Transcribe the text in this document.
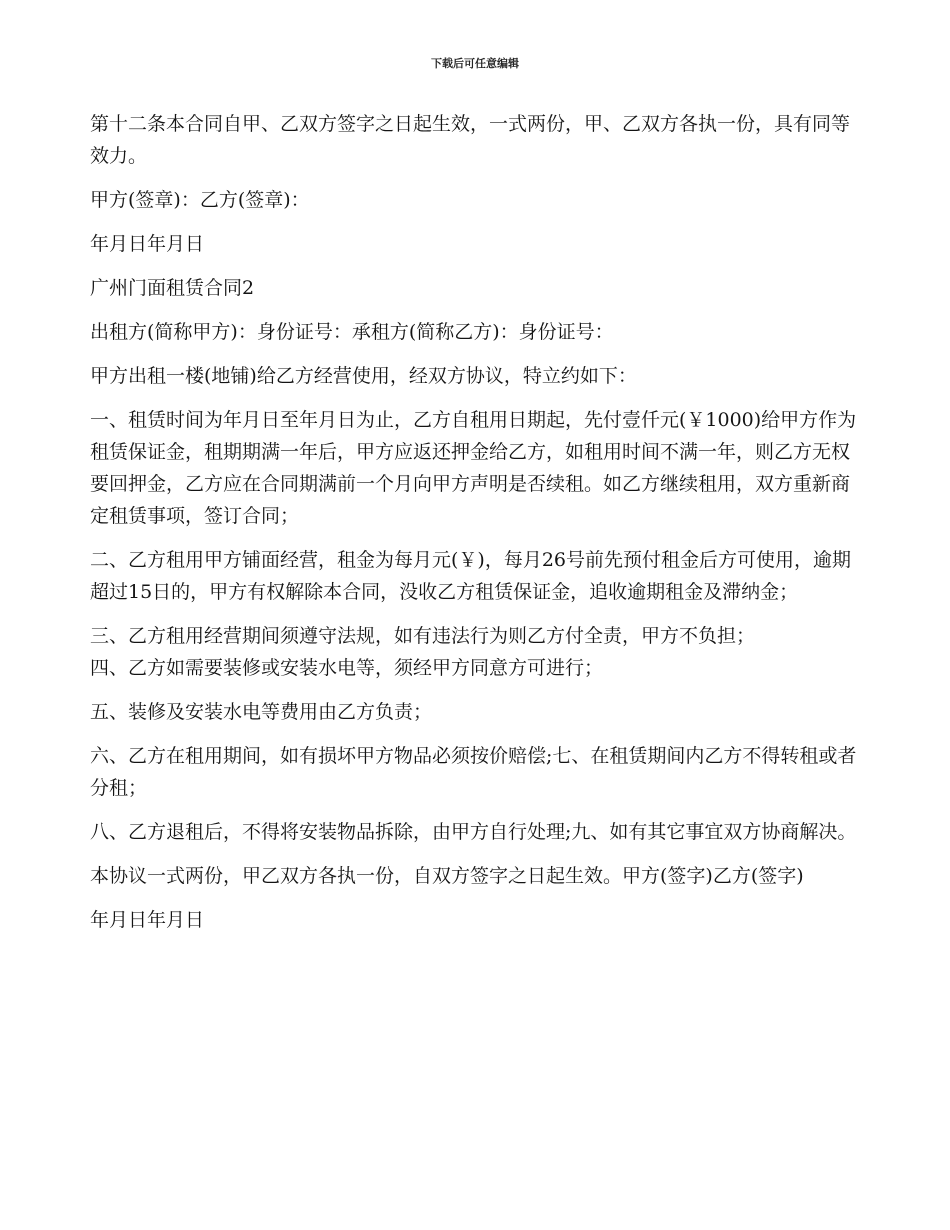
下载后可任意编辑

第十二条本合同自甲、乙双方签字之日起生效，一式两份，甲、乙双方各执一份，具有同等效力。

甲方(签章)：乙方(签章)：

年月日年月日

广州门面租赁合同2

出租方(简称甲方)：身份证号：承租方(简称乙方)：身份证号：

甲方出租一楼(地铺)给乙方经营使用，经双方协议，特立约如下：

一、租赁时间为年月日至年月日为止，乙方自租用日期起，先付壹仟元(￥1000)给甲方作为租赁保证金，租期期满一年后，甲方应返还押金给乙方，如租用时间不满一年，则乙方无权要回押金，乙方应在合同期满前一个月向甲方声明是否续租。如乙方继续租用，双方重新商定租赁事项，签订合同；

二、乙方租用甲方铺面经营，租金为每月元(￥)，每月26号前先预付租金后方可使用，逾期超过15日的，甲方有权解除本合同，没收乙方租赁保证金，追收逾期租金及滞纳金；

三、乙方租用经营期间须遵守法规，如有违法行为则乙方付全责，甲方不负担；

四、乙方如需要装修或安装水电等，须经甲方同意方可进行；

五、装修及安装水电等费用由乙方负责；

六、乙方在租用期间，如有损坏甲方物品必须按价赔偿;七、在租赁期间内乙方不得转租或者分租；

八、乙方退租后，不得将安装物品拆除，由甲方自行处理;九、如有其它事宜双方协商解决。

本协议一式两份，甲乙双方各执一份，自双方签字之日起生效。甲方(签字)乙方(签字)

年月日年月日
